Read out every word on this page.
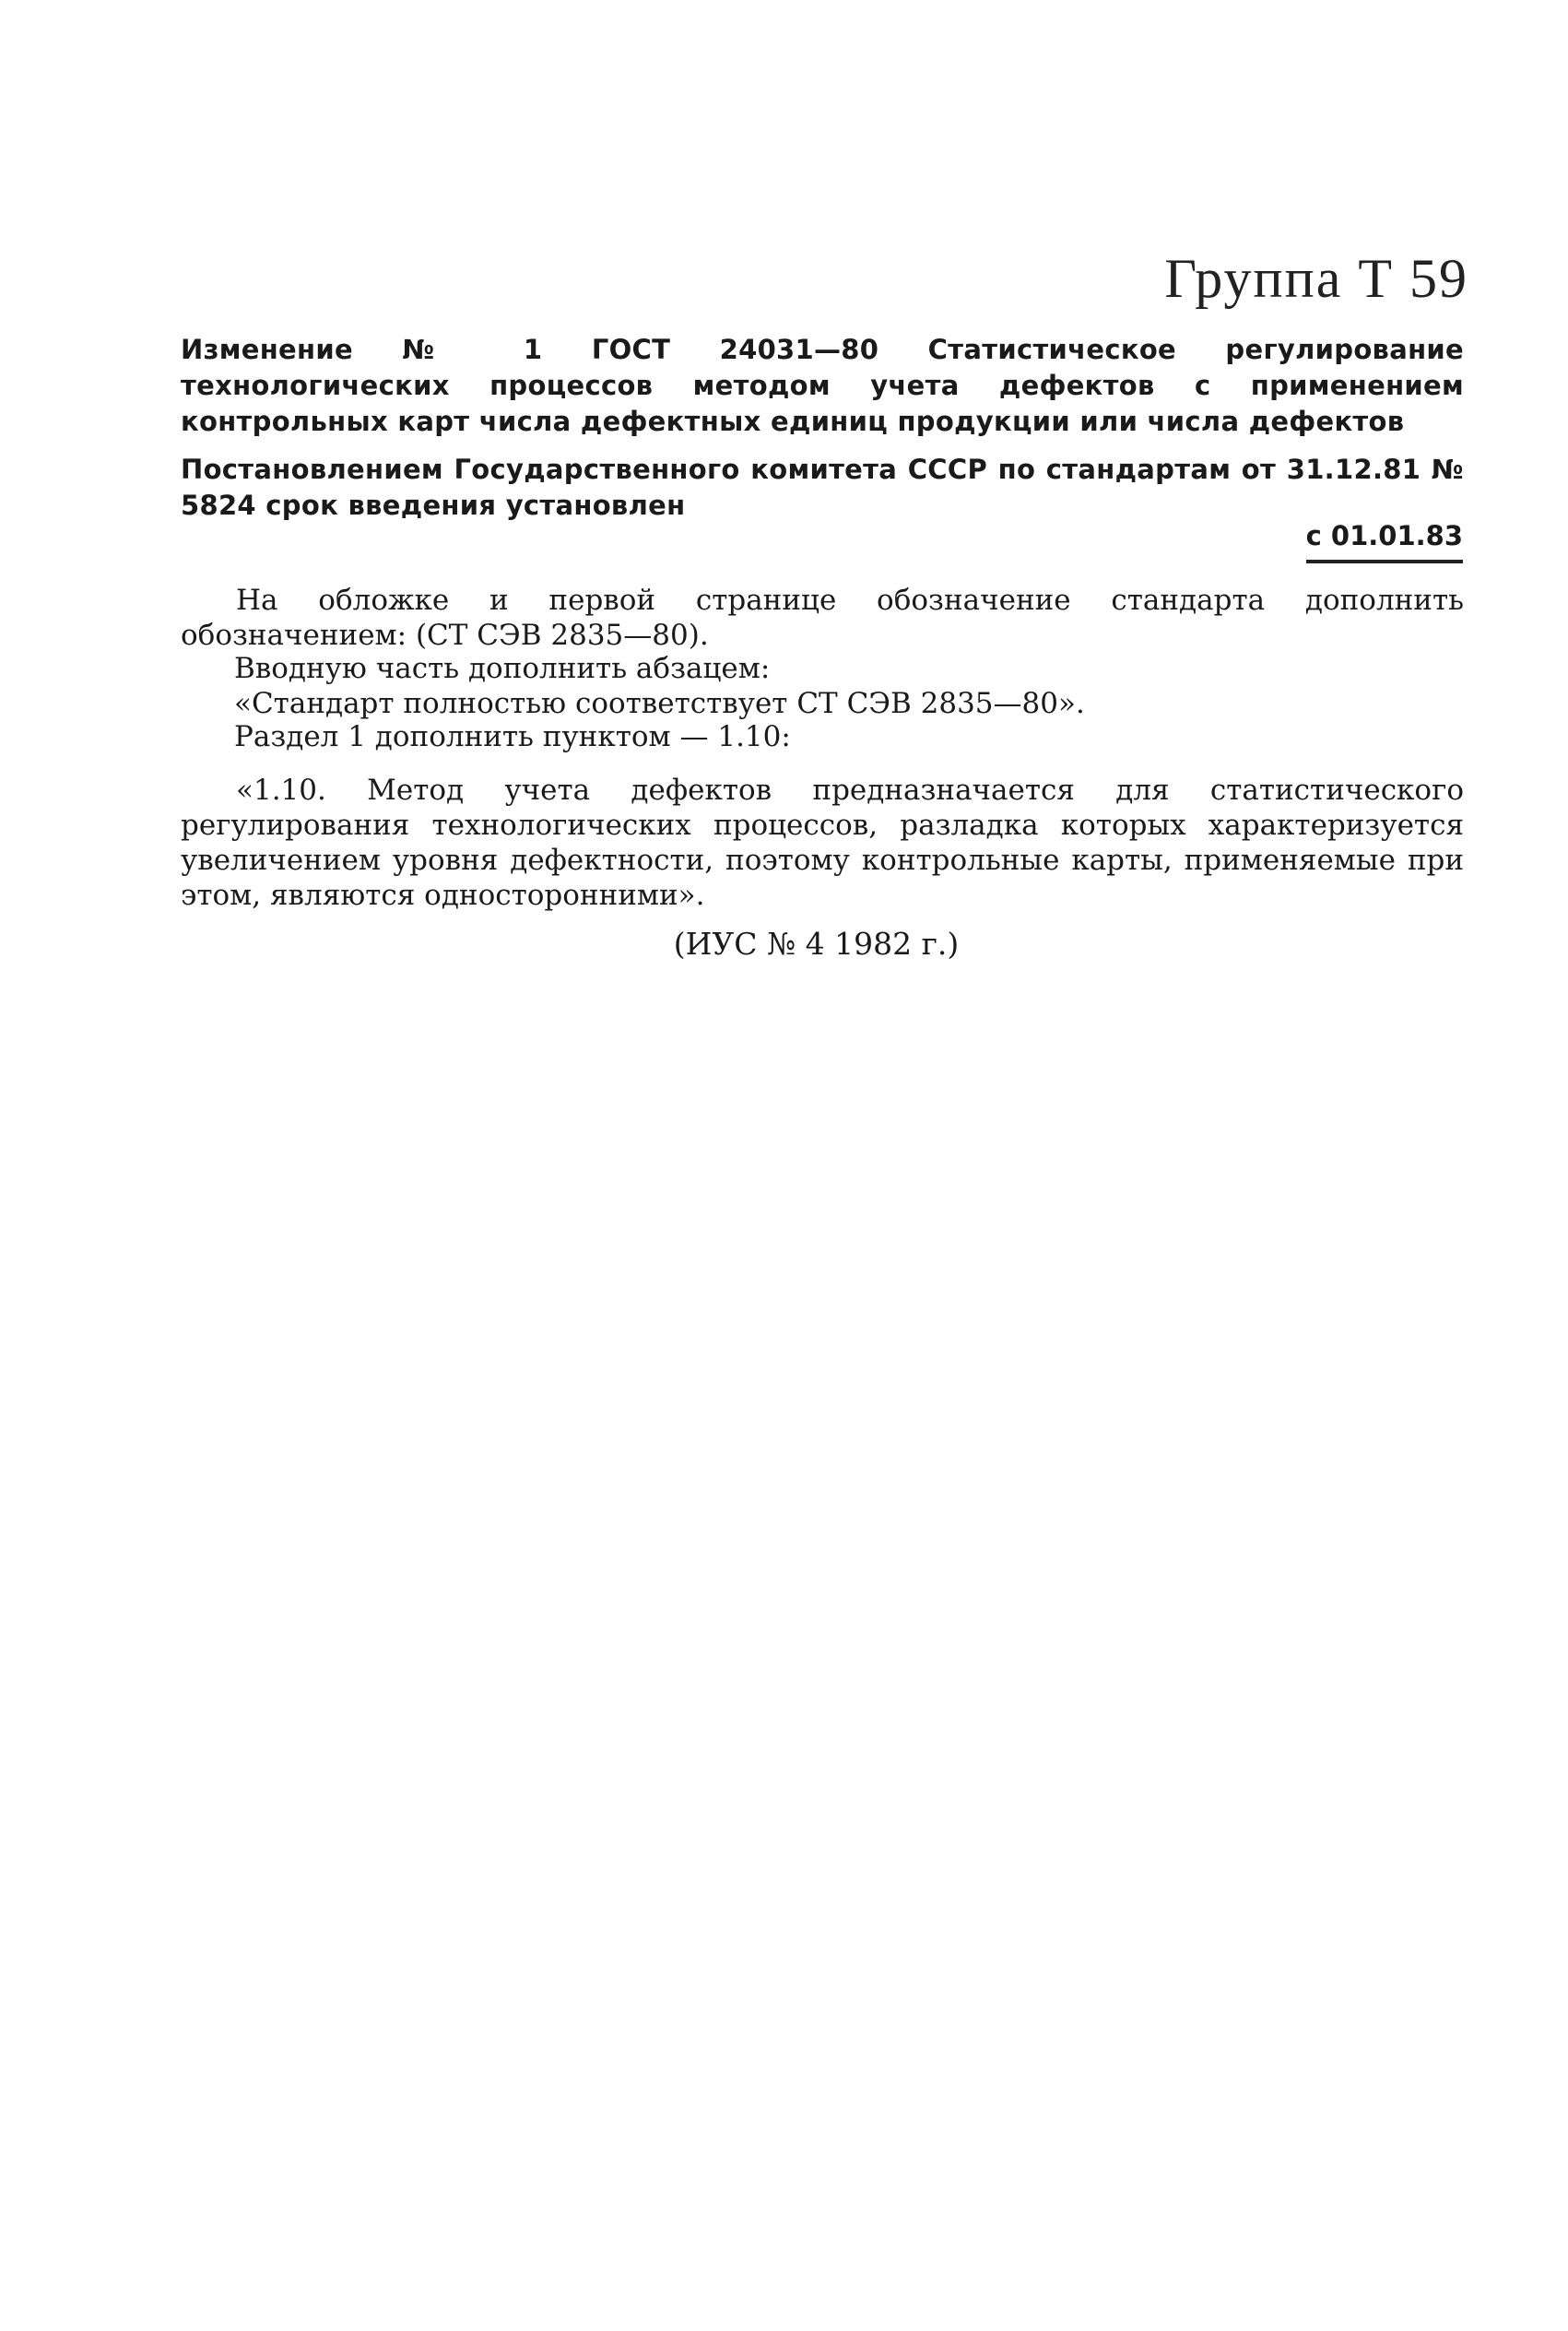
Группа Т 59
Изменение № 1 ГОСТ 24031—80 Статистическое регулирование технологических процессов методом учета дефектов с применением контрольных карт числа дефектных единиц продукции или числа дефектов
Постановлением Государственного комитета СССР по стандартам от 31.12.81 № 5824 срок введения установлен
с 01.01.83
На обложке и первой странице обозначение стандарта дополнить обозначением: (СТ СЭВ 2835—80).
Вводную часть дополнить абзацем:
«Стандарт полностью соответствует СТ СЭВ 2835—80».
Раздел 1 дополнить пунктом — 1.10:
«1.10. Метод учета дефектов предназначается для статистического регулирования технологических процессов, разладка которых характеризуется увеличением уровня дефектности, поэтому контрольные карты, применяемые при этом, являются односторонними».
(ИУС № 4 1982 г.)
